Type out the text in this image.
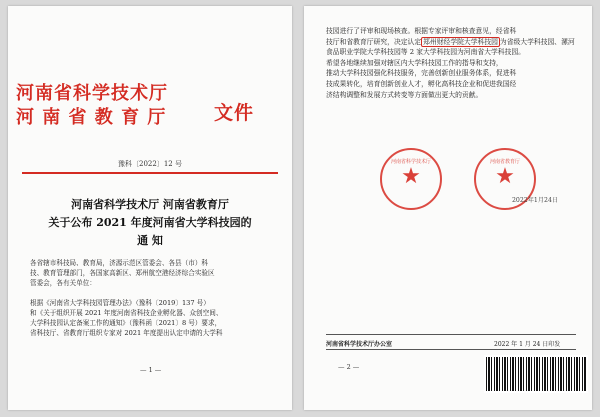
河南省科学技术厅
河 南 省 教 育 厅	文件
豫科〔2022〕12 号
河南省科学技术厅 河南省教育厅
关于公布 2021 年度河南省大学科技园的
通 知

各省辖市科技局、教育局，济源示范区管委会、各县（市）科

技、教育管理部门，各国家高新区、郑州航空港经济综合实验区

管委会，各有关单位：

根据《河南省大学科技园管理办法》（豫科〔2019〕137 号）

和《关于组织开展 2021 年度河南省科技企业孵化器、众创空间、

大学科技园认定备案工作的通知》（豫科函〔2021〕8 号）要求，

省科技厅、省教育厅组织专家对 2021 年度提出认定申请的大学科

— 1 —

技园进行了评审和现场核查。根据专家评审和核查意见，经省科

技厅和省教育厅研究，决定认定 郑州财经学院大学科技园 为省级大学科技园、漯河

食品职业学院大学科技园等 2 家大学科技园为河南省大学科技园。

希望各地继续加强对辖区内大学科技园工作的指导和支持，

推动大学科技园强化科技服务，完善创新创业服务体系，促进科

技成果转化，培育创新创业人才，孵化高科技企业和促进我国经

济结构调整和发展方式转变等方面做出更大的贡献。

河南省科学技术厅
★
河南省教育厅
★
2022年1月24日
河南省科学技术厅办公室	2022 年 1 月 24 日印发
— 2 —
